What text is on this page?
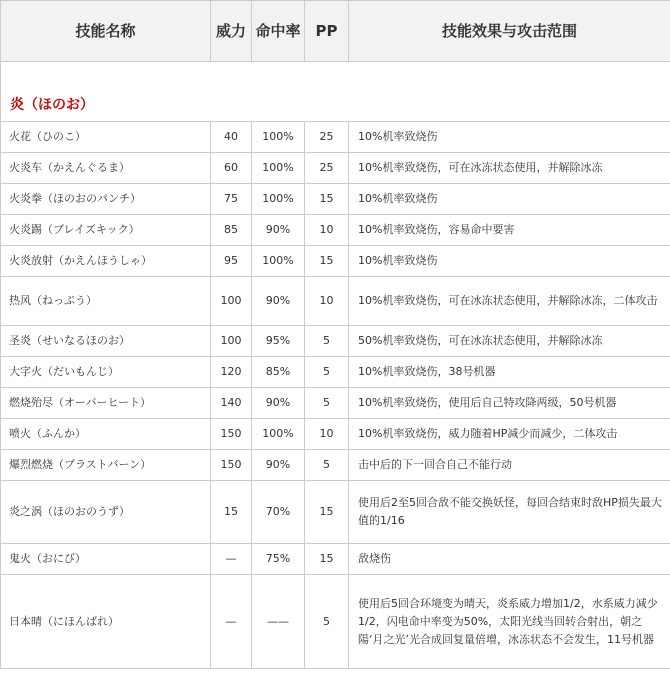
技能名称	威力	命中率	PP	技能效果与攻击范围

炎（ほのお）				
火花（ひのこ）	40	100%	25	10%机率致烧伤
火炎车（かえんぐるま）	60	100%	25	10%机率致烧伤，可在冰冻状态使用，并解除冰冻
火炎拳（ほのおのパンチ）	75	100%	15	10%机率致烧伤
火炎踢（ブレイズキック）	85	90%	10	10%机率致烧伤，容易命中要害
火炎放射（かえんほうしゃ）	95	100%	15	10%机率致烧伤
热风（ねっぷう）	100	90%	10	10%机率致烧伤，可在冰冻状态使用，并解除冰冻，二体攻击
圣炎（せいなるほのお）	100	95%	5	50%机率致烧伤，可在冰冻状态使用，并解除冰冻
大字火（だいもんじ）	120	85%	5	10%机率致烧伤，38号机器
燃烧殆尽（オーバーヒート）	140	90%	5	10%机率致烧伤，使用后自己特攻降两级，50号机器
喷火（ふんか）	150	100%	10	10%机率致烧伤，威力随着HP减少而减少，二体攻击
爆烈燃烧（ブラストバーン）	150	90%	5	击中后的下一回合自己不能行动
炎之涡（ほのおのうず）	15	70%	15	使用后2至5回合敌不能交换妖怪，每回合结束时敌HP损失最大值的1/16
鬼火（おにび）	—	75%	15	敌烧伤
日本晴（にほんばれ）	—	——	5	使用后5回合环境变为晴天，炎系威力增加1/2，水系威力减少1/2，闪电命中率变为50%，太阳光线当回转合射出，朝之陽‘月之光’光合成回复量倍增，冰冻状态不会发生，11号机器
